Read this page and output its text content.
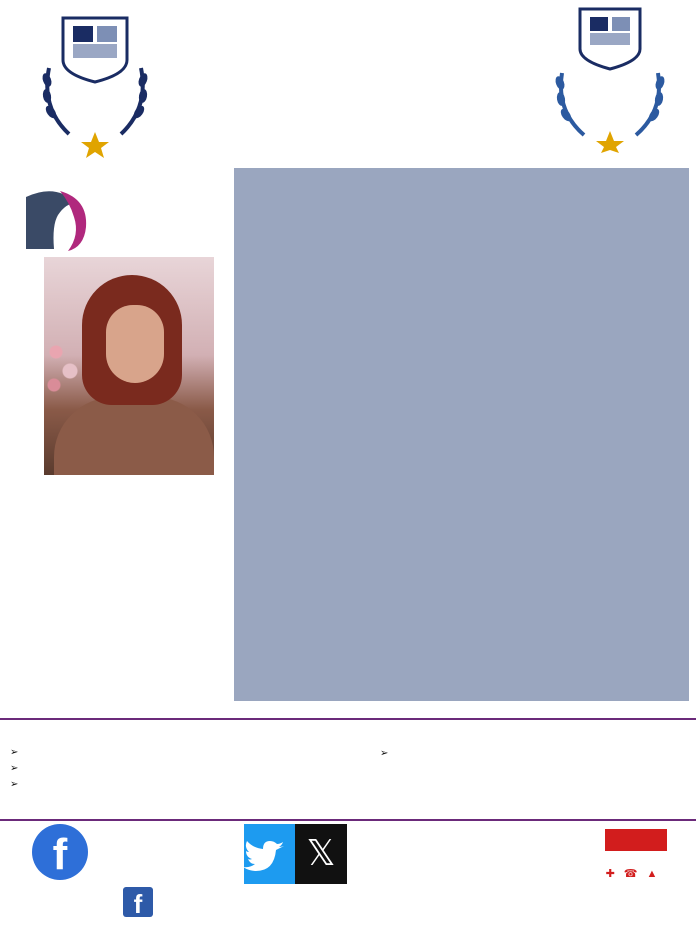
➢
➢
➢
➢
f
f
𝕏	✚☎▲
